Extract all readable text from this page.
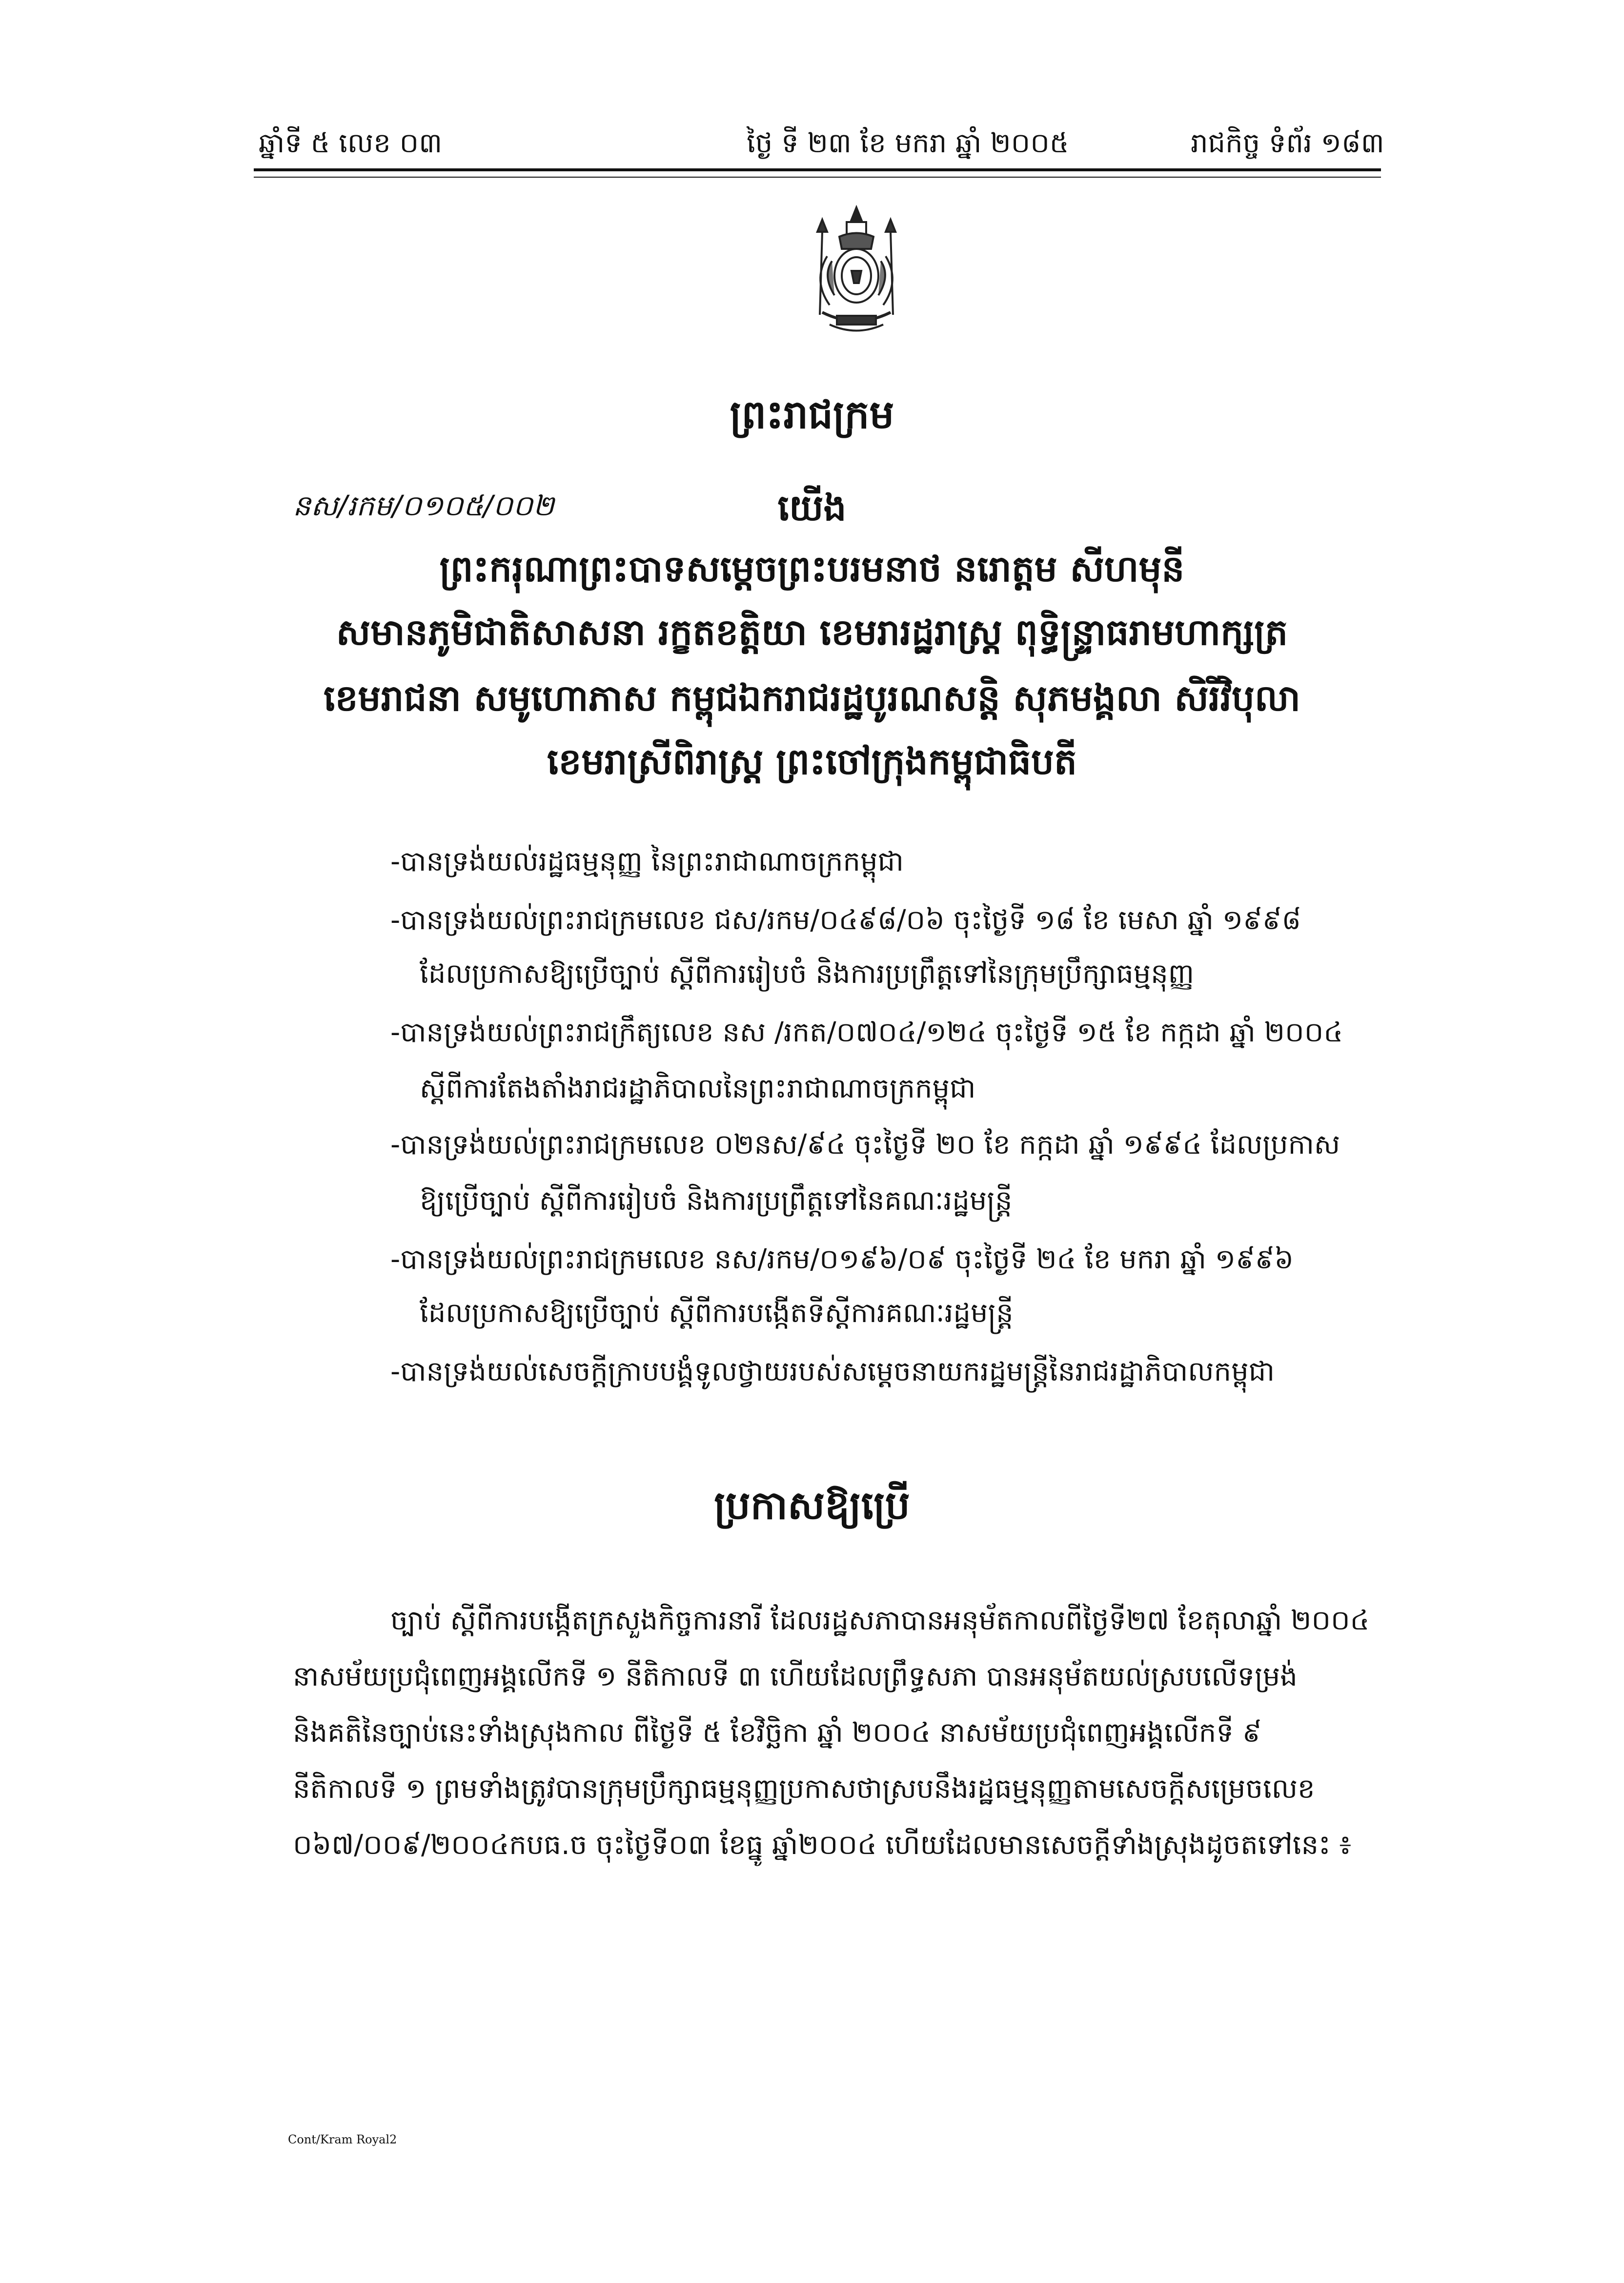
ឆ្នាំទី ៥ លេខ ០៣	ថ្ងៃ ទី ២៣ ខែ មករា ឆ្នាំ ២០០៥	រាជកិច្ច ទំព័រ ១៨៣
ព្រះរាជក្រម
នស/រកម/០១០៥/០០២	យើង
ព្រះករុណាព្រះបាទសម្តេចព្រះបរមនាថ នរោត្តម សីហមុនី
សមានភូមិជាតិសាសនា រក្ខតខត្តិយា ខេមរារដ្ឋរាស្ត្រ ពុទ្ធិន្ទ្រាធរាមហាក្សត្រ
ខេមរាជនា សមូហោភាស កម្ពុជឯករាជរដ្ឋបូរណសន្តិ សុភមង្គលា សិរីវិបុលា
ខេមរាស្រីពិរាស្ត្រ ព្រះចៅក្រុងកម្ពុជាធិបតី
-បានទ្រង់យល់រដ្ឋធម្មនុញ្ញ នៃព្រះរាជាណាចក្រកម្ពុជា
-បានទ្រង់យល់ព្រះរាជក្រមលេខ ជស/រកម/០៤៩៨/០៦ ចុះថ្ងៃទី ១៨ ខែ មេសា ឆ្នាំ ១៩៩៨
ដែលប្រកាសឱ្យប្រើច្បាប់ ស្តីពីការរៀបចំ និងការប្រព្រឹត្តទៅនៃក្រុមប្រឹក្សាធម្មនុញ្ញ
-បានទ្រង់យល់ព្រះរាជក្រឹត្យលេខ នស /រកត/០៧០៤/១២៤ ចុះថ្ងៃទី ១៥ ខែ កក្កដា ឆ្នាំ ២០០៤
ស្តីពីការតែងតាំងរាជរដ្ឋាភិបាលនៃព្រះរាជាណាចក្រកម្ពុជា
-បានទ្រង់យល់ព្រះរាជក្រមលេខ ០២នស/៩៤ ចុះថ្ងៃទី ២០ ខែ កក្កដា ឆ្នាំ ១៩៩៤ ដែលប្រកាស
ឱ្យប្រើច្បាប់ ស្តីពីការរៀបចំ និងការប្រព្រឹត្តទៅនៃគណៈរដ្ឋមន្ត្រី
-បានទ្រង់យល់ព្រះរាជក្រមលេខ នស/រកម/០១៩៦/០៩ ចុះថ្ងៃទី ២៤ ខែ មករា ឆ្នាំ ១៩៩៦
ដែលប្រកាសឱ្យប្រើច្បាប់ ស្តីពីការបង្កើតទីស្តីការគណៈរដ្ឋមន្ត្រី
-បានទ្រង់យល់សេចក្តីក្រាបបង្គំទូលថ្វាយរបស់សម្តេចនាយករដ្ឋមន្ត្រីនៃរាជរដ្ឋាភិបាលកម្ពុជា
ប្រកាសឱ្យប្រើ
ច្បាប់ ស្តីពីការបង្កើតក្រសួងកិច្ចការនារី ដែលរដ្ឋសភាបានអនុម័តកាលពីថ្ងៃទី២៧ ខែតុលាឆ្នាំ ២០០៤
នាសម័យប្រជុំពេញអង្គលើកទី ១ នីតិកាលទី ៣ ហើយដែលព្រឹទ្ធសភា បានអនុម័តយល់ស្របលើទម្រង់
និងគតិនៃច្បាប់នេះទាំងស្រុងកាល ពីថ្ងៃទី ៥ ខែវិច្ឆិកា ឆ្នាំ ២០០៤ នាសម័យប្រជុំពេញអង្គលើកទី ៩
នីតិកាលទី ១ ព្រមទាំងត្រូវបានក្រុមប្រឹក្សាធម្មនុញ្ញប្រកាសថាស្របនឹងរដ្ឋធម្មនុញ្ញតាមសេចក្តីសម្រេចលេខ
០៦៧/០០៩/២០០៤កបធ.ច ចុះថ្ងៃទី០៣ ខែធ្នូ ឆ្នាំ២០០៤ ហើយដែលមានសេចក្តីទាំងស្រុងដូចតទៅនេះ ៖
Cont/Kram Royal2
